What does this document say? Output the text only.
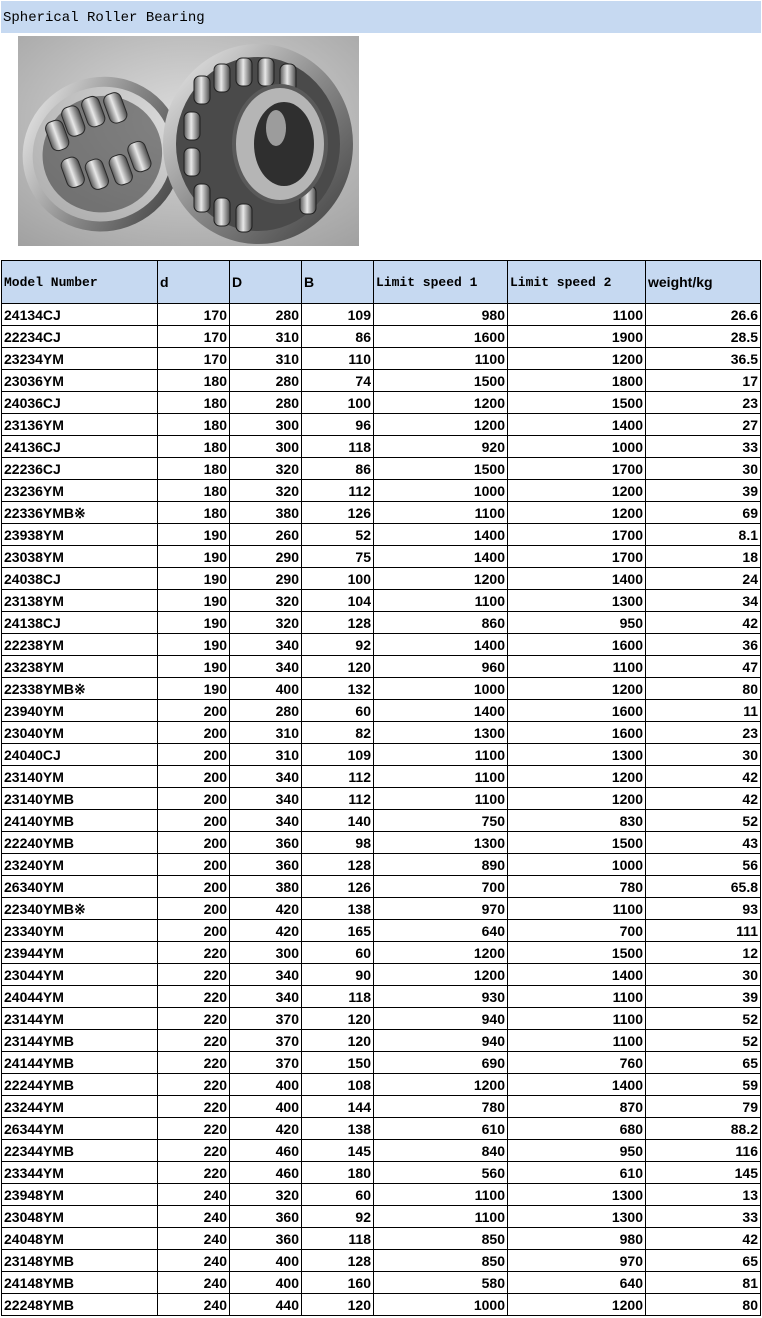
Spherical Roller Bearing
Model Number	d	D	B	Limit speed 1	Limit speed 2	weight/kg
24134CJ	170	280	109	980	1100	26.6
22234CJ	170	310	86	1600	1900	28.5
23234YM	170	310	110	1100	1200	36.5
23036YM	180	280	74	1500	1800	17
24036CJ	180	280	100	1200	1500	23
23136YM	180	300	96	1200	1400	27
24136CJ	180	300	118	920	1000	33
22236CJ	180	320	86	1500	1700	30
23236YM	180	320	112	1000	1200	39
22336YMB※	180	380	126	1100	1200	69
23938YM	190	260	52	1400	1700	8.1
23038YM	190	290	75	1400	1700	18
24038CJ	190	290	100	1200	1400	24
23138YM	190	320	104	1100	1300	34
24138CJ	190	320	128	860	950	42
22238YM	190	340	92	1400	1600	36
23238YM	190	340	120	960	1100	47
22338YMB※	190	400	132	1000	1200	80
23940YM	200	280	60	1400	1600	11
23040YM	200	310	82	1300	1600	23
24040CJ	200	310	109	1100	1300	30
23140YM	200	340	112	1100	1200	42
23140YMB	200	340	112	1100	1200	42
24140YMB	200	340	140	750	830	52
22240YMB	200	360	98	1300	1500	43
23240YM	200	360	128	890	1000	56
26340YM	200	380	126	700	780	65.8
22340YMB※	200	420	138	970	1100	93
23340YM	200	420	165	640	700	111
23944YM	220	300	60	1200	1500	12
23044YM	220	340	90	1200	1400	30
24044YM	220	340	118	930	1100	39
23144YM	220	370	120	940	1100	52
23144YMB	220	370	120	940	1100	52
24144YMB	220	370	150	690	760	65
22244YMB	220	400	108	1200	1400	59
23244YM	220	400	144	780	870	79
26344YM	220	420	138	610	680	88.2
22344YMB	220	460	145	840	950	116
23344YM	220	460	180	560	610	145
23948YM	240	320	60	1100	1300	13
23048YM	240	360	92	1100	1300	33
24048YM	240	360	118	850	980	42
23148YMB	240	400	128	850	970	65
24148YMB	240	400	160	580	640	81
22248YMB	240	440	120	1000	1200	80
